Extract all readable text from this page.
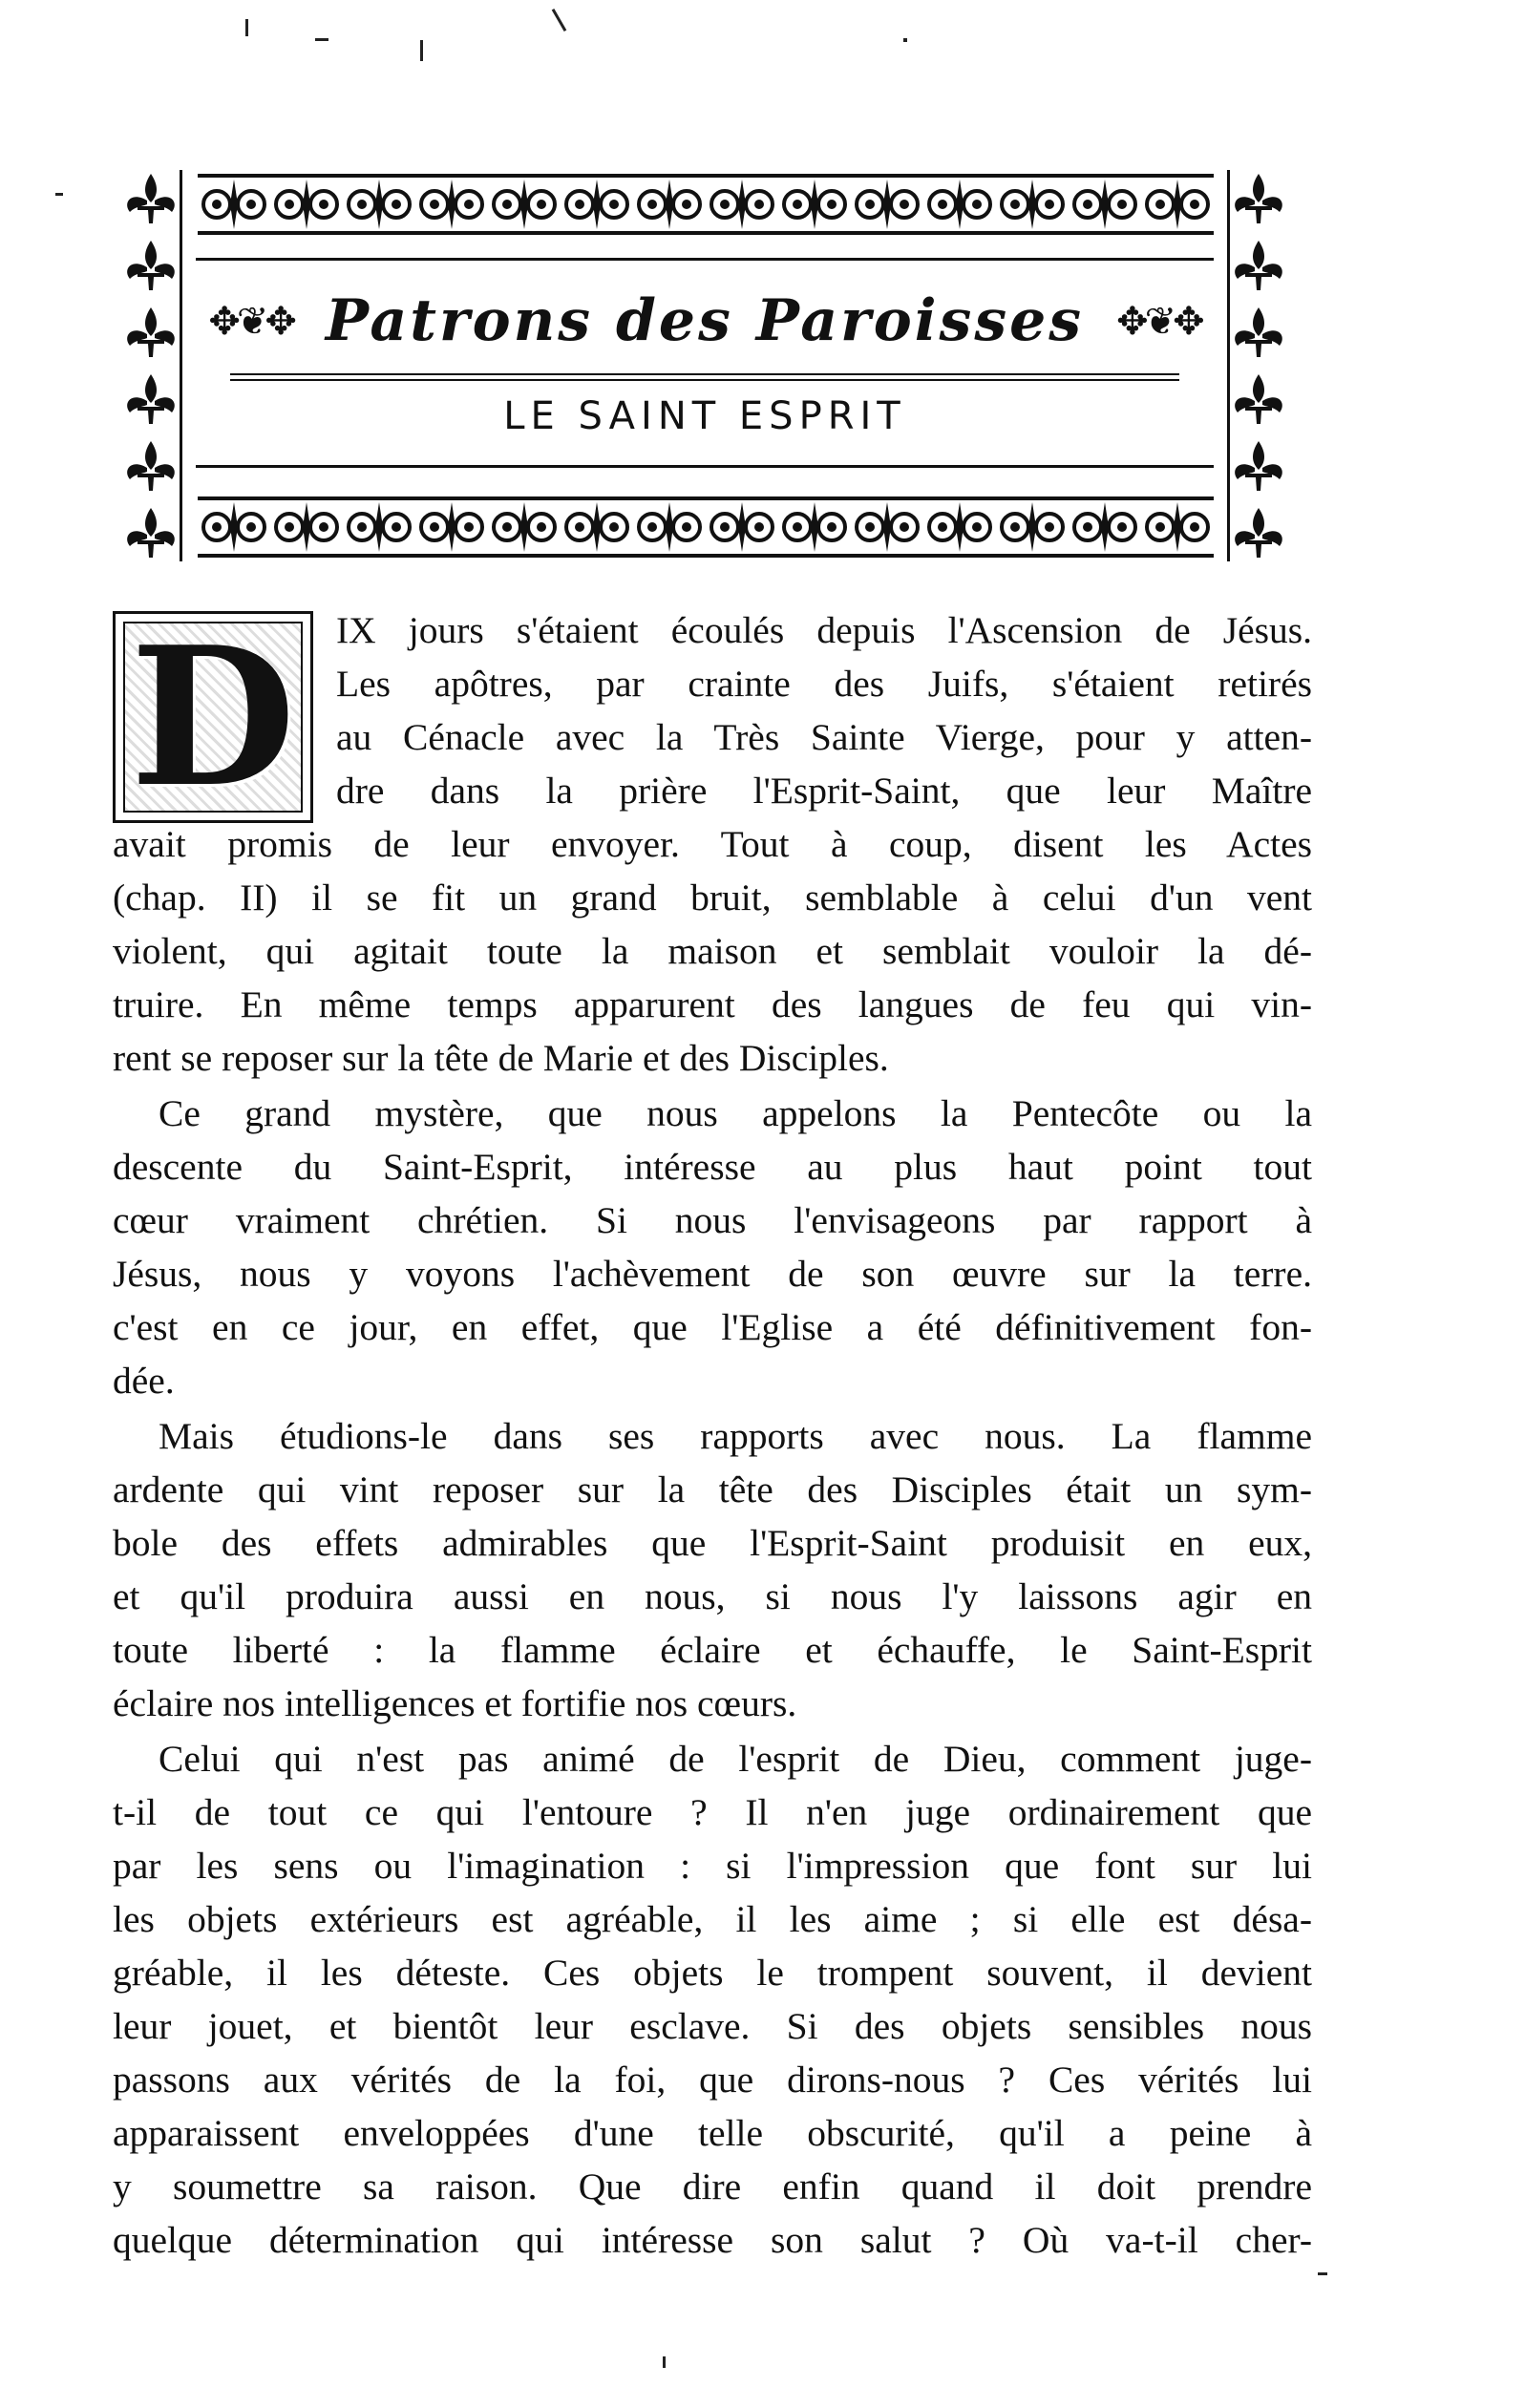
✥❦✥ Patrons des Paroisses ✥❦✥
LE SAINT ESPRIT
D IX jours s'étaient écoulés depuis l'Ascension de Jésus.
Les apôtres, par crainte des Juifs, s'étaient retirés
au Cénacle avec la Très Sainte Vierge, pour y atten-
dre dans la prière l'Esprit-Saint, que leur Maître
avait promis de leur envoyer. Tout à coup, disent les Actes
(chap. II) il se fit un grand bruit, semblable à celui d'un vent
violent, qui agitait toute la maison et semblait vouloir la dé-
truire. En même temps apparurent des langues de feu qui vin-
rent se reposer sur la tête de Marie et des Disciples.
Ce grand mystère, que nous appelons la Pentecôte ou la
descente du Saint-Esprit, intéresse au plus haut point tout
cœur vraiment chrétien. Si nous l'envisageons par rapport à
Jésus, nous y voyons l'achèvement de son œuvre sur la terre.
c'est en ce jour, en effet, que l'Eglise a été définitivement fon-
dée.
Mais étudions-le dans ses rapports avec nous. La flamme
ardente qui vint reposer sur la tête des Disciples était un sym-
bole des effets admirables que l'Esprit-Saint produisit en eux,
et qu'il produira aussi en nous, si nous l'y laissons agir en
toute liberté : la flamme éclaire et échauffe, le Saint-Esprit
éclaire nos intelligences et fortifie nos cœurs.
Celui qui n'est pas animé de l'esprit de Dieu, comment juge-
t-il de tout ce qui l'entoure ? Il n'en juge ordinairement que
par les sens ou l'imagination : si l'impression que font sur lui
les objets extérieurs est agréable, il les aime ; si elle est désa-
gréable, il les déteste. Ces objets le trompent souvent, il devient
leur jouet, et bientôt leur esclave. Si des objets sensibles nous
passons aux vérités de la foi, que dirons-nous ? Ces vérités lui
apparaissent enveloppées d'une telle obscurité, qu'il a peine à
y soumettre sa raison. Que dire enfin quand il doit prendre
quelque détermination qui intéresse son salut ? Où va-t-il cher-
